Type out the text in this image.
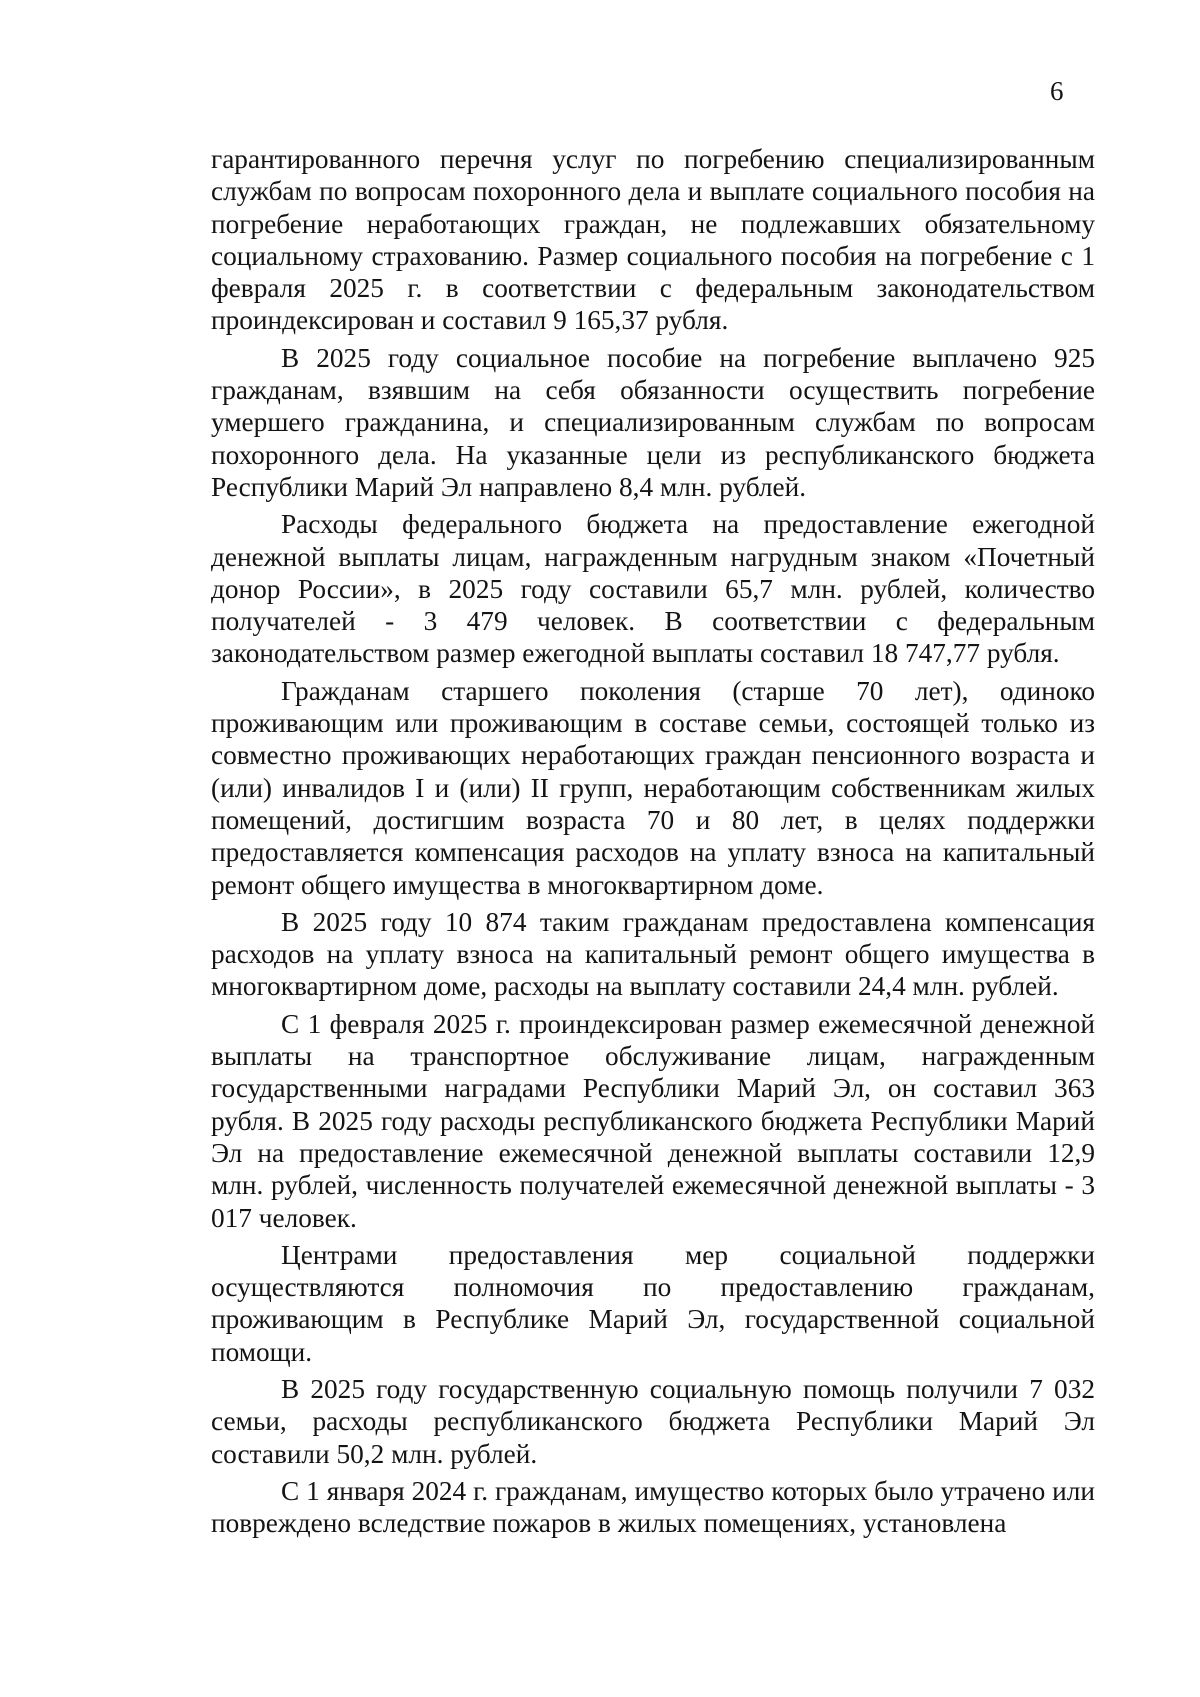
6

гарантированного перечня услуг по погребению специализированным службам по вопросам похоронного дела и выплате социального пособия на погребение неработающих граждан, не подлежавших обязательному социальному страхованию. Размер социального пособия на погребение с 1 февраля 2025 г. в соответствии с федеральным законодательством проиндексирован и составил 9 165,37 рубля.

В 2025 году социальное пособие на погребение выплачено 925 гражданам, взявшим на себя обязанности осуществить погребение умершего гражданина, и специализированным службам по вопросам похоронного дела. На указанные цели из республиканского бюджета Республики Марий Эл направлено 8,4 млн. рублей.

Расходы федерального бюджета на предоставление ежегодной денежной выплаты лицам, награжденным нагрудным знаком «Почетный донор России», в 2025 году составили 65,7 млн. рублей, количество получателей - 3 479 человек. В соответствии с федеральным законодательством размер ежегодной выплаты составил 18 747,77 рубля.

Гражданам старшего поколения (старше 70 лет), одиноко проживающим или проживающим в составе семьи, состоящей только из совместно проживающих неработающих граждан пенсионного возраста и (или) инвалидов I и (или) II групп, неработающим собственникам жилых помещений, достигшим возраста 70 и 80 лет, в целях поддержки предоставляется компенсация расходов на уплату взноса на капитальный ремонт общего имущества в многоквартирном доме.

В 2025 году 10 874 таким гражданам предоставлена компенсация расходов на уплату взноса на капитальный ремонт общего имущества в многоквартирном доме, расходы на выплату составили 24,4 млн. рублей.

С 1 февраля 2025 г. проиндексирован размер ежемесячной денежной выплаты на транспортное обслуживание лицам, награжденным государственными наградами Республики Марий Эл, он составил 363 рубля. В 2025 году расходы республиканского бюджета Республики Марий Эл на предоставление ежемесячной денежной выплаты составили 12,9 млн. рублей, численность получателей ежемесячной денежной выплаты - 3 017 человек.

Центрами предоставления мер социальной поддержки осуществляются полномочия по предоставлению гражданам, проживающим в Республике Марий Эл, государственной социальной помощи.

В 2025 году государственную социальную помощь получили 7 032 семьи, расходы республиканского бюджета Республики Марий Эл составили 50,2 млн. рублей.

С 1 января 2024 г. гражданам, имущество которых было утрачено или повреждено вследствие пожаров в жилых помещениях, установлена
